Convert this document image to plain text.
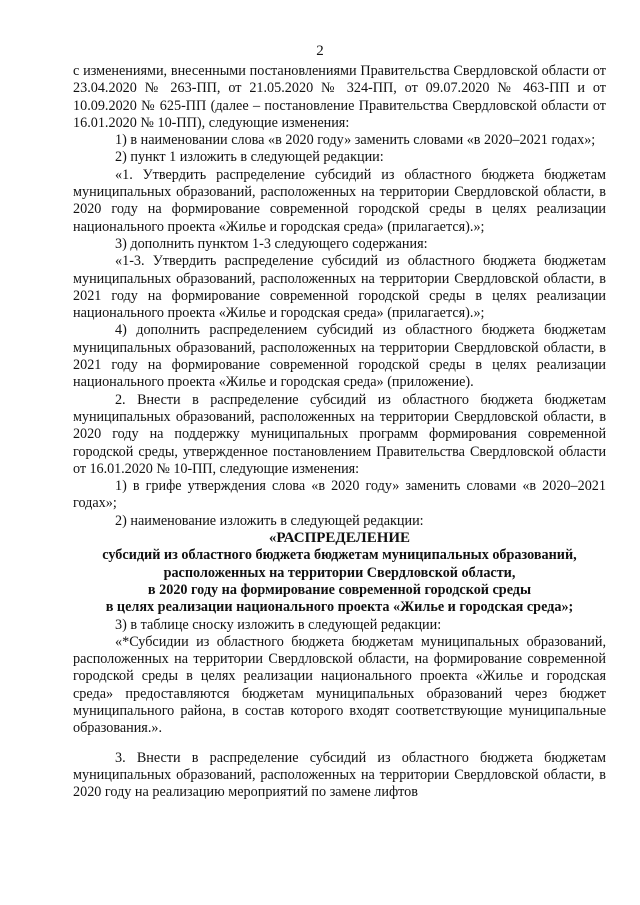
2

с изменениями, внесенными постановлениями Правительства Свердловской области от 23.04.2020 № 263-ПП, от 21.05.2020 № 324-ПП, от 09.07.2020 № 463-ПП и от 10.09.2020 № 625-ПП (далее – постановление Правительства Свердловской области от 16.01.2020 № 10-ПП), следующие изменения:

1) в наименовании слова «в 2020 году» заменить словами «в 2020–2021 годах»;

2) пункт 1 изложить в следующей редакции:

«1. Утвердить распределение субсидий из областного бюджета бюджетам муниципальных образований, расположенных на территории Свердловской области, в 2020 году на формирование современной городской среды в целях реализации национального проекта «Жилье и городская среда» (прилагается).»;

3) дополнить пунктом 1-3 следующего содержания:

«1-3. Утвердить распределение субсидий из областного бюджета бюджетам муниципальных образований, расположенных на территории Свердловской области, в 2021 году на формирование современной городской среды в целях реализации национального проекта «Жилье и городская среда» (прилагается).»;

4) дополнить распределением субсидий из областного бюджета бюджетам муниципальных образований, расположенных на территории Свердловской области, в 2021 году на формирование современной городской среды в целях реализации национального проекта «Жилье и городская среда» (приложение).

2. Внести в распределение субсидий из областного бюджета бюджетам муниципальных образований, расположенных на территории Свердловской области, в 2020 году на поддержку муниципальных программ формирования современной городской среды, утвержденное постановлением Правительства Свердловской области от 16.01.2020 № 10-ПП, следующие изменения:

1) в грифе утверждения слова «в 2020 году» заменить словами «в 2020–2021 годах»;

2) наименование изложить в следующей редакции:

«РАСПРЕДЕЛЕНИЕ

субсидий из областного бюджета бюджетам муниципальных образований,

расположенных на территории Свердловской области,

в 2020 году на формирование современной городской среды

в целях реализации национального проекта «Жилье и городская среда»;

3) в таблице сноску изложить в следующей редакции:

«*Субсидии из областного бюджета бюджетам муниципальных образований, расположенных на территории Свердловской области, на формирование современной городской среды в целях реализации национального проекта «Жилье и городская среда» предоставляются бюджетам муниципальных образований через бюджет муниципального района, в состав которого входят соответствующие муниципальные образования.».

3. Внести в распределение субсидий из областного бюджета бюджетам муниципальных образований, расположенных на территории Свердловской области, в 2020 году на реализацию мероприятий по замене лифтов
